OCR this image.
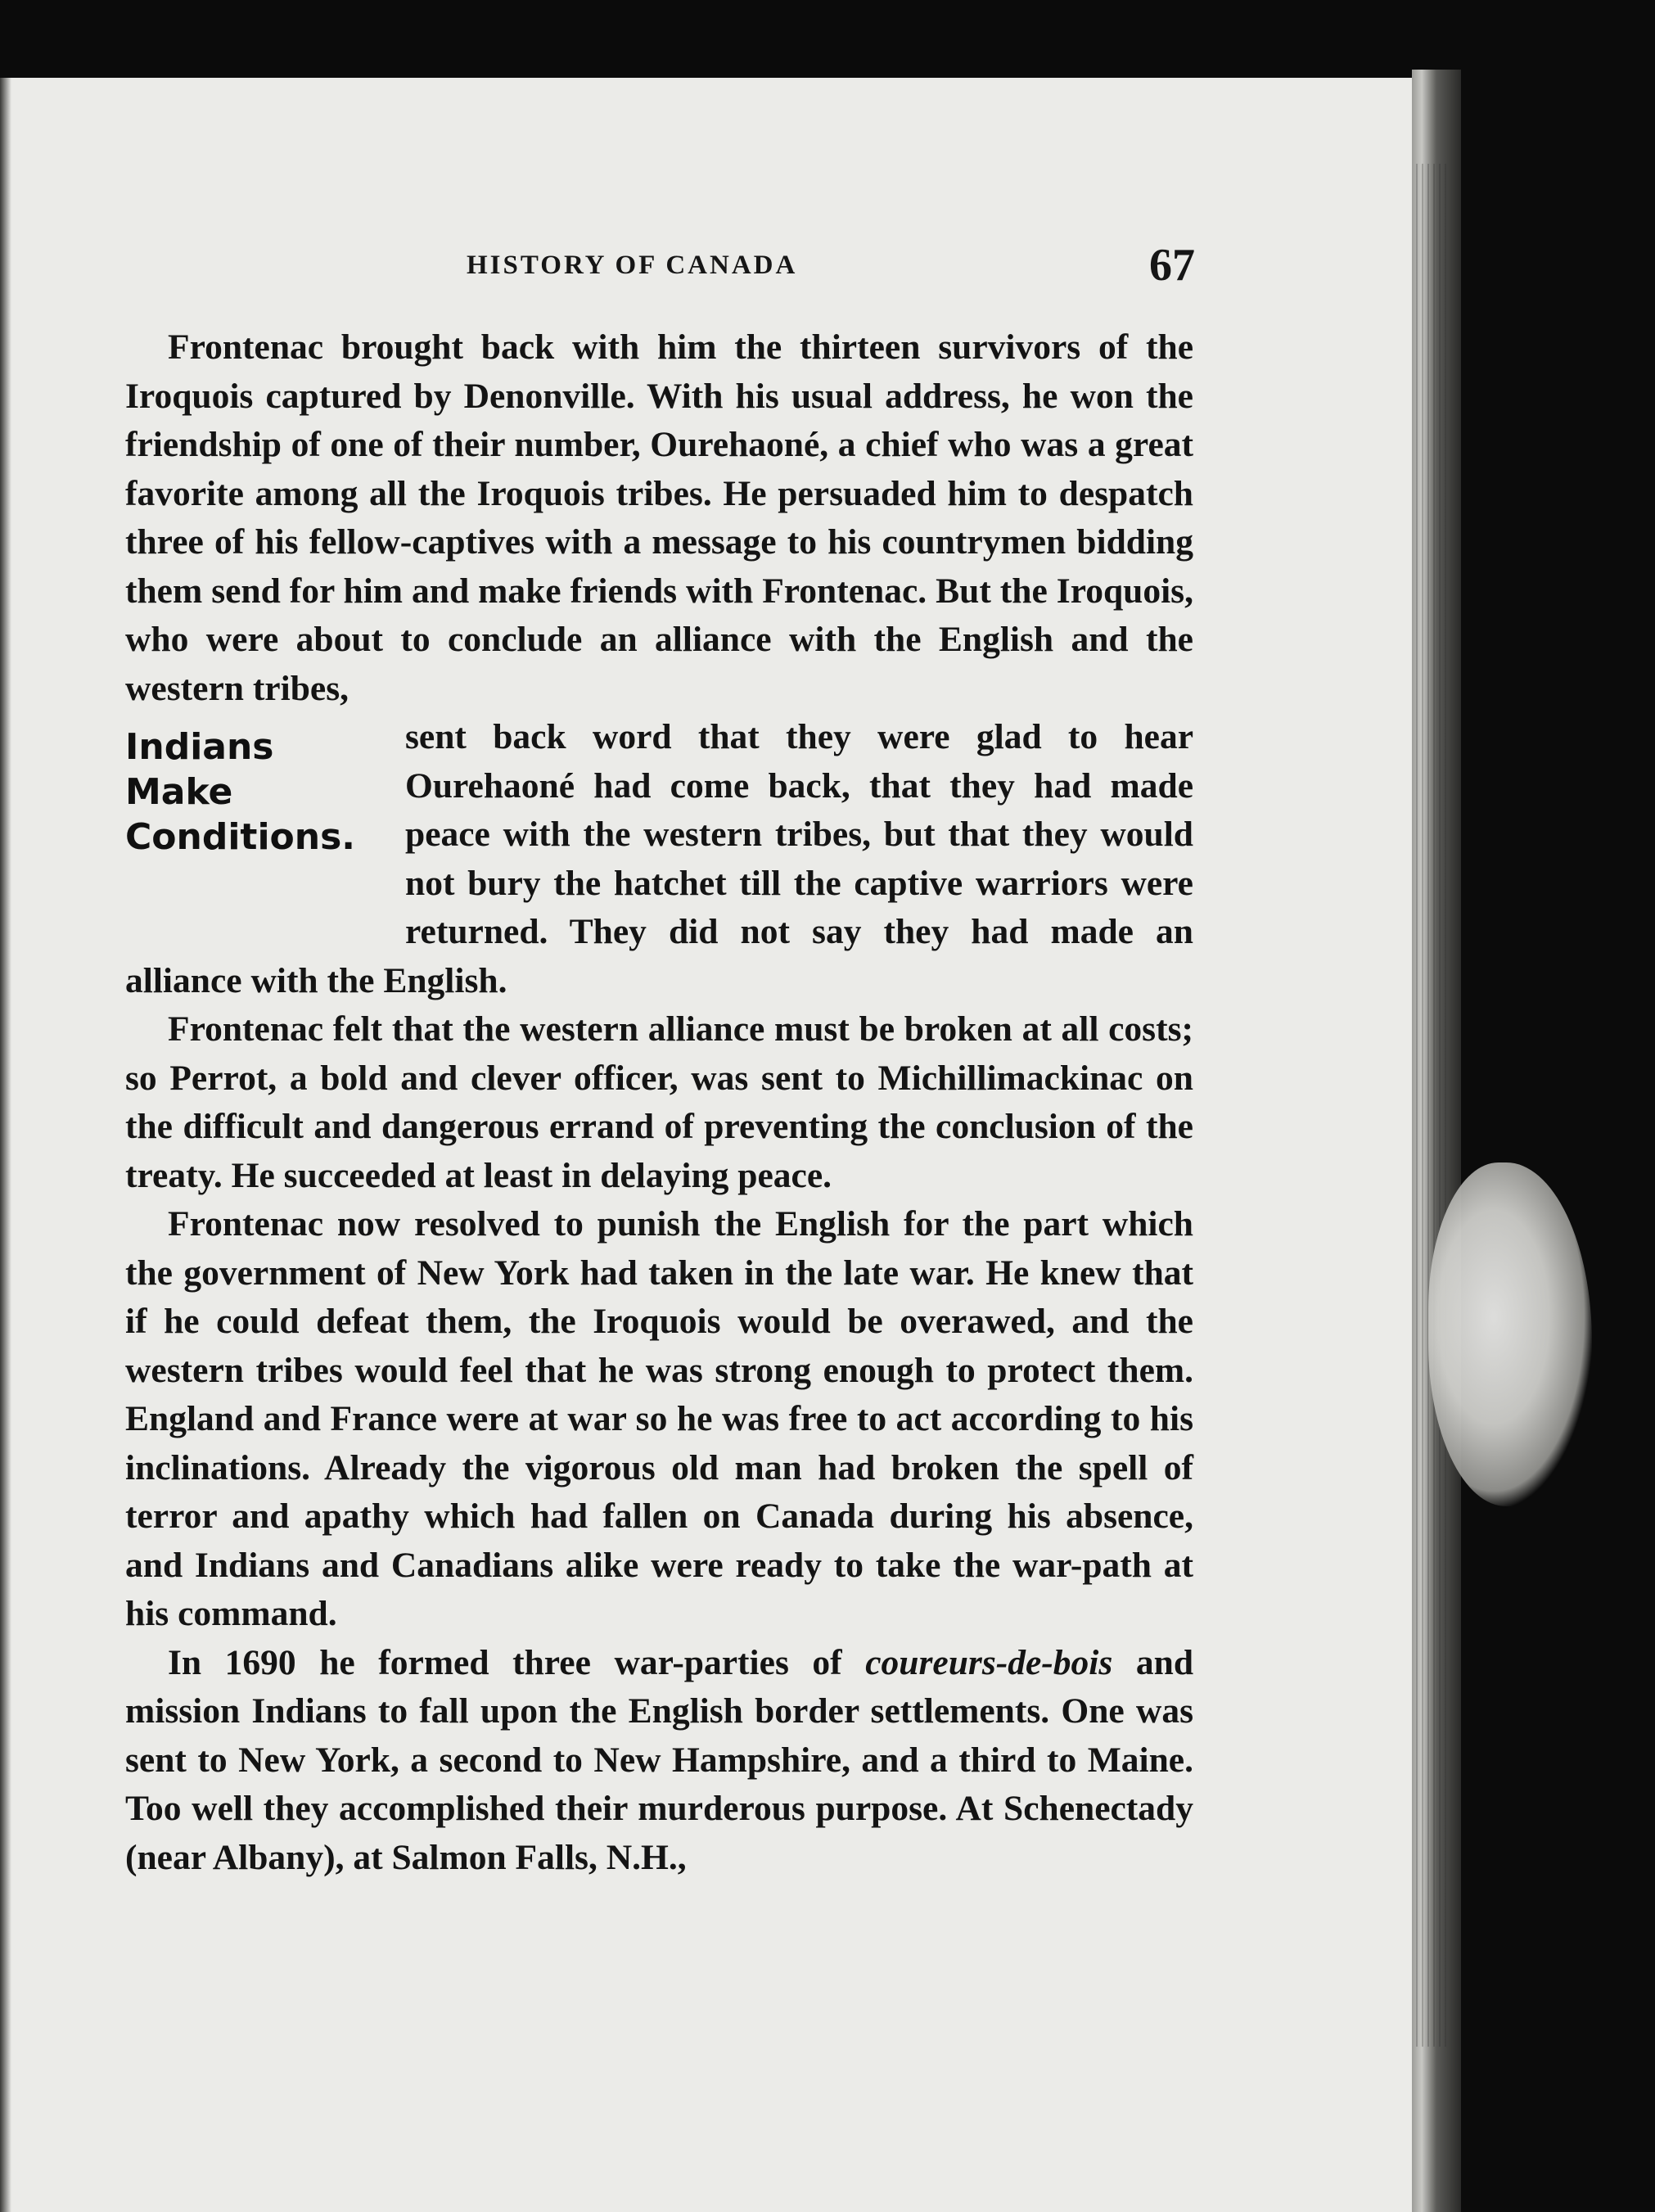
HISTORY OF CANADA	67

Frontenac brought back with him the thirteen survivors of the Iroquois captured by Denonville. With his usual address, he won the friendship of one of their number, Ourehaoné, a chief who was a great favorite among all the Iroquois tribes. He persuaded him to despatch three of his fellow-captives with a message to his countrymen bidding them send for him and make friends with Frontenac. But the Iroquois, who were about to conclude an alliance with the English and the western tribes,

Indians
Make
Conditions.

sent back word that they were glad to hear Ourehaoné had come back, that they had made peace with the western tribes, but that they would not bury the hatchet till the captive warriors were returned. They did not say they had made an alliance with the English.

Frontenac felt that the western alliance must be broken at all costs; so Perrot, a bold and clever officer, was sent to Michillimackinac on the difficult and dangerous errand of preventing the conclusion of the treaty. He succeeded at least in delaying peace.

Frontenac now resolved to punish the English for the part which the government of New York had taken in the late war. He knew that if he could defeat them, the Iroquois would be overawed, and the western tribes would feel that he was strong enough to protect them. England and France were at war so he was free to act according to his inclinations. Already the vigorous old man had broken the spell of terror and apathy which had fallen on Canada during his absence, and Indians and Canadians alike were ready to take the war-path at his command.

In 1690 he formed three war-parties of coureurs-de-bois and mission Indians to fall upon the English border settlements. One was sent to New York, a second to New Hampshire, and a third to Maine. Too well they accomplished their murderous purpose. At Schenectady (near Albany), at Salmon Falls, N.H.,
